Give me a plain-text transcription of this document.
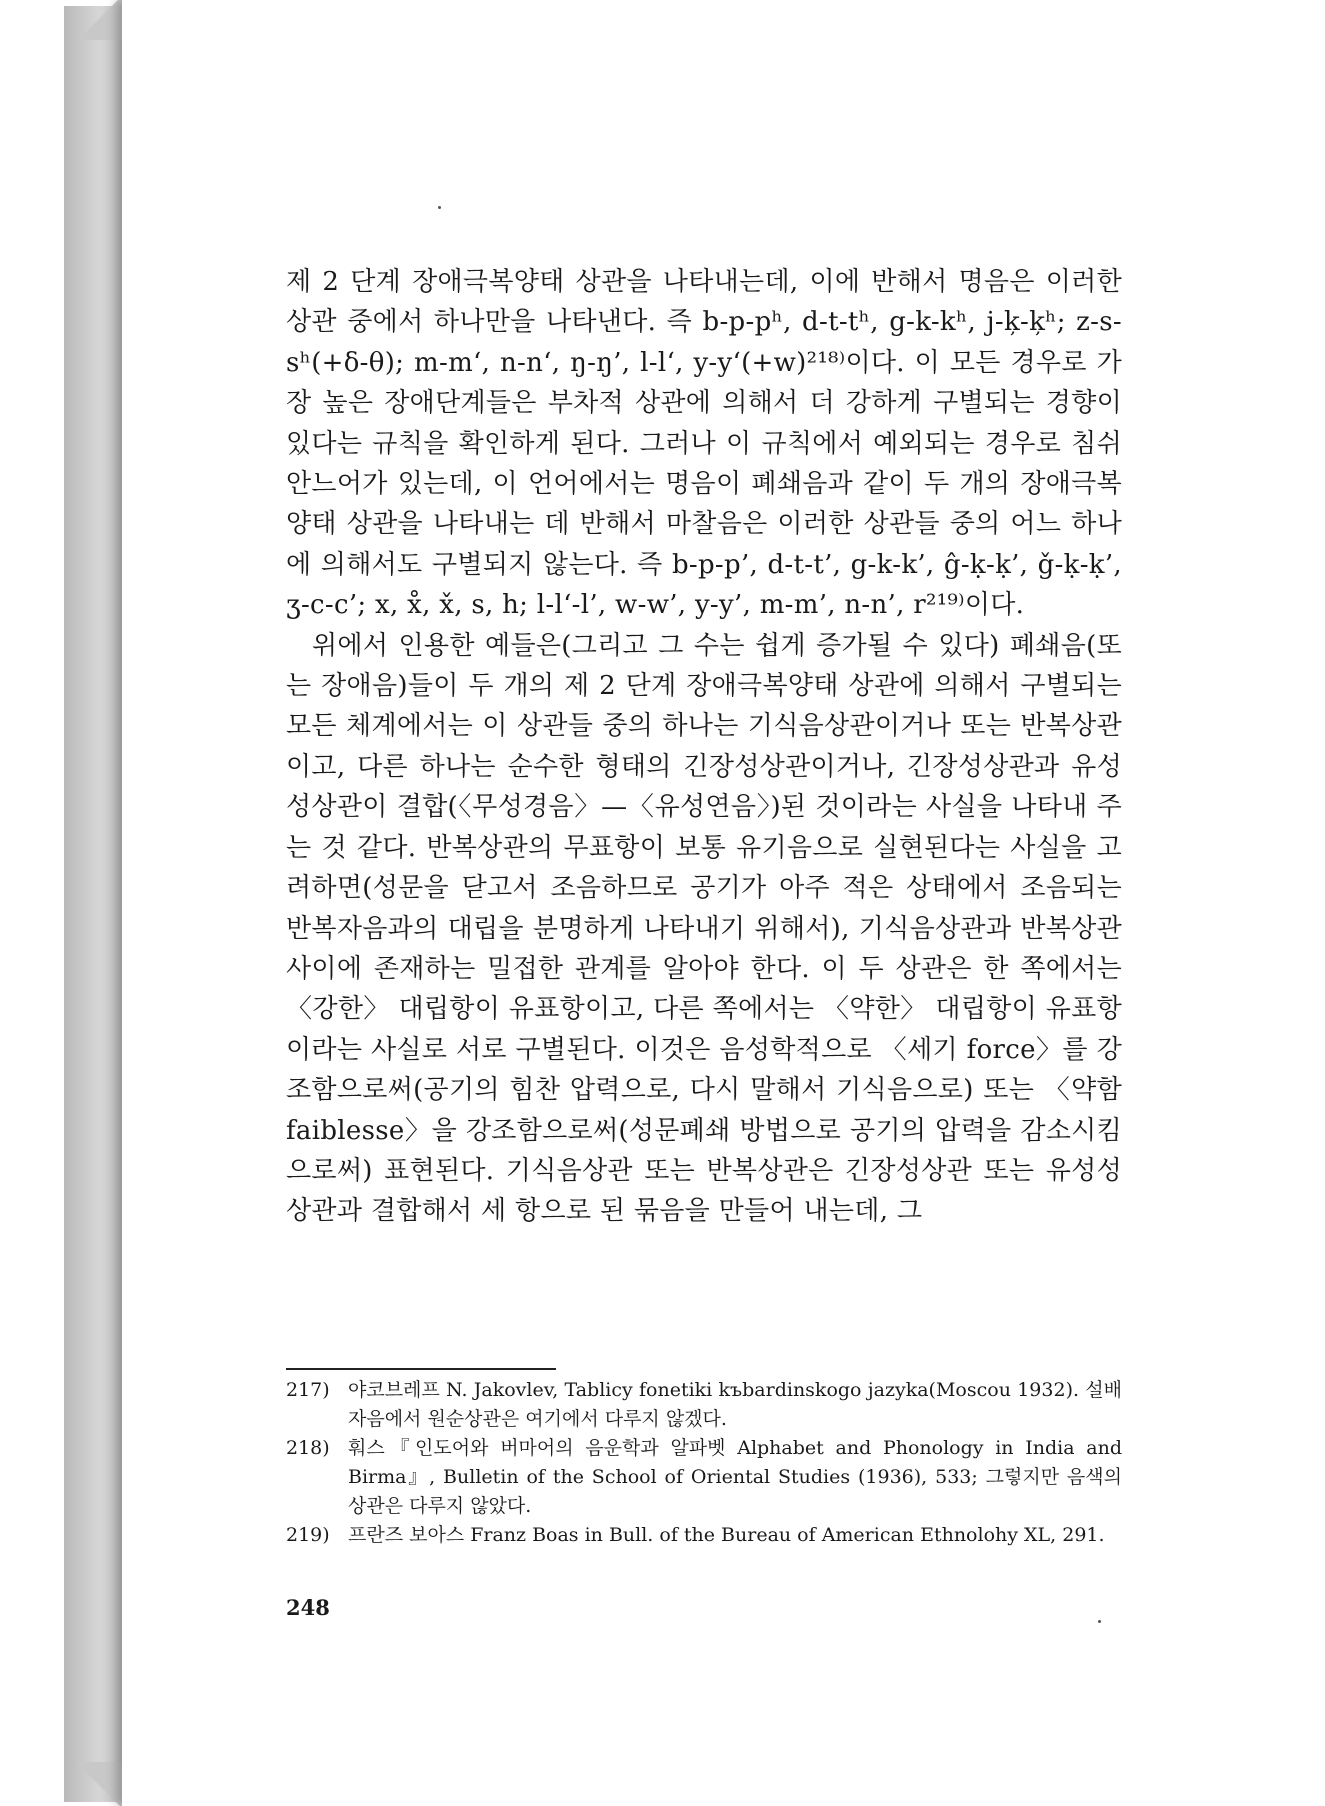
제 2 단계 장애극복양태 상관을 나타내는데, 이에 반해서 명음은 이러한 상관 중에서 하나만을 나타낸다. 즉 b-p-pʰ, d-t-tʰ, g-k-kʰ, j-ķ-ķʰ; z-s-sʰ(+δ-θ); m-m‘, n-n‘, ŋ-ŋ’, l-l‘, y-y‘(+w)²¹⁸⁾이다. 이 모든 경우로 가장 높은 장애단계들은 부차적 상관에 의해서 더 강하게 구별되는 경향이 있다는 규칙을 확인하게 된다. 그러나 이 규칙에서 예외되는 경우로 침쉬안느어가 있는데, 이 언어에서는 명음이 폐쇄음과 같이 두 개의 장애극복양태 상관을 나타내는 데 반해서 마찰음은 이러한 상관들 중의 어느 하나에 의해서도 구별되지 않는다. 즉 b-p-p’, d-t-t’, g-k-k’, ĝ-ḳ-ḳ’, ǧ-ḳ-ḳ’, ʒ-c-c’; x, x̊, x̌, s, h; l-l‘-l’, w-w’, y-y’, m-m’, n-n’, r²¹⁹⁾이다.

위에서 인용한 예들은(그리고 그 수는 쉽게 증가될 수 있다) 폐쇄음(또는 장애음)들이 두 개의 제 2 단계 장애극복양태 상관에 의해서 구별되는 모든 체계에서는 이 상관들 중의 하나는 기식음상관이거나 또는 반복상관이고, 다른 하나는 순수한 형태의 긴장성상관이거나, 긴장성상관과 유성성상관이 결합(〈무성경음〉—〈유성연음〉)된 것이라는 사실을 나타내 주는 것 같다. 반복상관의 무표항이 보통 유기음으로 실현된다는 사실을 고려하면(성문을 닫고서 조음하므로 공기가 아주 적은 상태에서 조음되는 반복자음과의 대립을 분명하게 나타내기 위해서), 기식음상관과 반복상관 사이에 존재하는 밀접한 관계를 알아야 한다. 이 두 상관은 한 쪽에서는 〈강한〉 대립항이 유표항이고, 다른 쪽에서는 〈약한〉 대립항이 유표항이라는 사실로 서로 구별된다. 이것은 음성학적으로 〈세기 force〉를 강조함으로써(공기의 힘찬 압력으로, 다시 말해서 기식음으로) 또는 〈약함 faiblesse〉을 강조함으로써(성문폐쇄 방법으로 공기의 압력을 감소시킴으로써) 표현된다. 기식음상관 또는 반복상관은 긴장성상관 또는 유성성상관과 결합해서 세 항으로 된 묶음을 만들어 내는데, 그

217) 야코브레프 N. Jakovlev, Tablicy fonetiki kъbardinskogo jazyka(Moscou 1932). 설배자음에서 원순상관은 여기에서 다루지 않겠다.
218) 훠스『인도어와 버마어의 음운학과 알파벳 Alphabet and Phonology in India and Birma』, Bulletin of the School of Oriental Studies (1936), 533; 그렇지만 음색의 상관은 다루지 않았다.
219) 프란즈 보아스 Franz Boas in Bull. of the Bureau of American Ethnolohy XL, 291.
248
